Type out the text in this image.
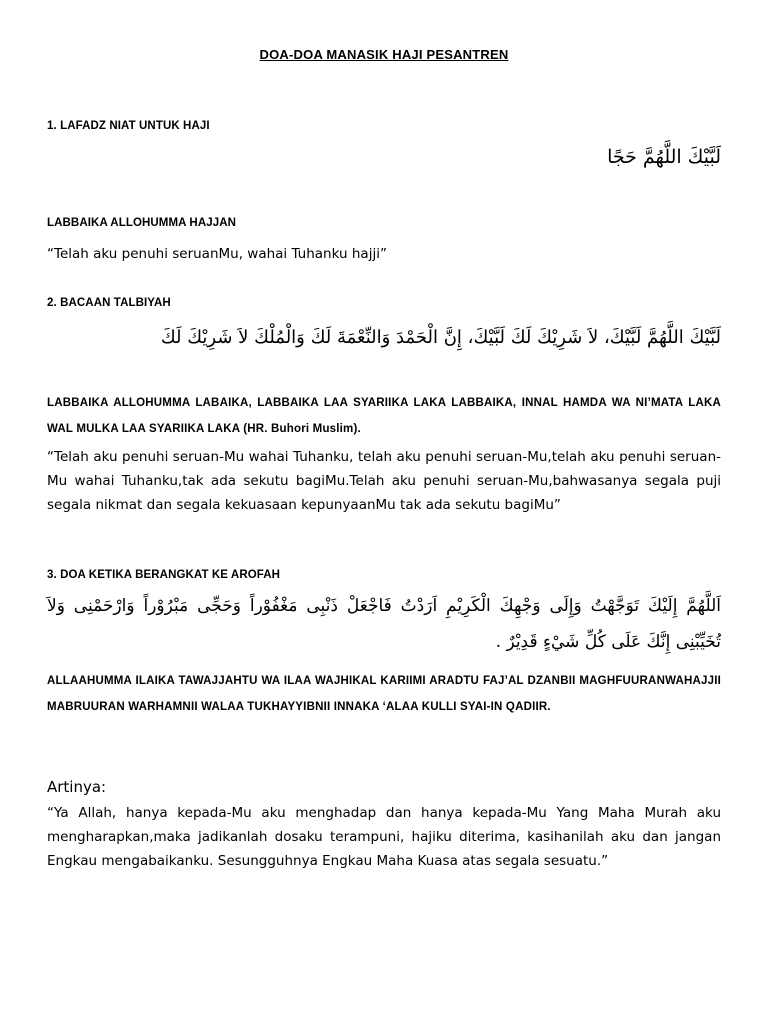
DOA-DOA MANASIK HAJI PESANTREN
1. LAFADZ NIAT UNTUK HAJI
لَبَّيْكَ اللَّهُمَّ حَجًا
LABBAIKA ALLOHUMMA HAJJAN
“Telah aku penuhi seruanMu, wahai Tuhanku hajji”
2. BACAAN TALBIYAH
لَبَّيْكَ اللَّهُمَّ لَبَّيْكَ، لاَ شَرِيْكَ لَكَ لَبَّيْكَ، إِنَّ الْحَمْدَ وَالنِّعْمَةَ لَكَ وَالْمُلْكَ لاَ شَرِيْكَ لَكَ
LABBAIKA ALLOHUMMA LABAIKA, LABBAIKA LAA SYARIIKA LAKA LABBAIKA, INNAL HAMDA WA NI’MATA LAKA WAL MULKA LAA SYARIIKA LAKA (HR. Buhori Muslim).
“Telah aku penuhi seruan-Mu wahai Tuhanku, telah aku penuhi seruan-Mu,telah aku penuhi seruan-Mu wahai Tuhanku,tak ada sekutu bagiMu.Telah aku penuhi seruan-Mu,bahwasanya segala puji segala nikmat dan segala kekuasaan kepunyaanMu tak ada sekutu bagiMu”
3. DOA KETIKA BERANGKAT KE AROFAH
اَللَّهُمَّ إِلَيْكَ تَوَجَّهْتُ وَإِلَى وَجْهِكَ الْكَرِيْمِ اَرَدْتُ فَاجْعَلْ ذَنْبِى مَغْفُوْراً وَحَجِّى مَبْرُوْراً وَارْحَمْنِى وَلاَ تُخَيِّبْنِى إِنَّكَ عَلَى كُلِّ شَيْءٍ قَدِيْرٌ .
ALLAAHUMMA ILAIKA TAWAJJAHTU WA ILAA WAJHIKAL KARIIMI ARADTU FAJ’AL DZANBII MAGHFUURANWAHAJJII MABRUURAN WARHAMNII WALAA TUKHAYYIBNII INNAKA ‘ALAA KULLI SYAI-IN QADIIR.
Artinya:
“Ya Allah, hanya kepada-Mu aku menghadap dan hanya kepada-Mu Yang Maha Murah aku mengharapkan,maka jadikanlah dosaku terampuni, hajiku diterima, kasihanilah aku dan jangan Engkau mengabaikanku. Sesungguhnya Engkau Maha Kuasa atas segala sesuatu.”
